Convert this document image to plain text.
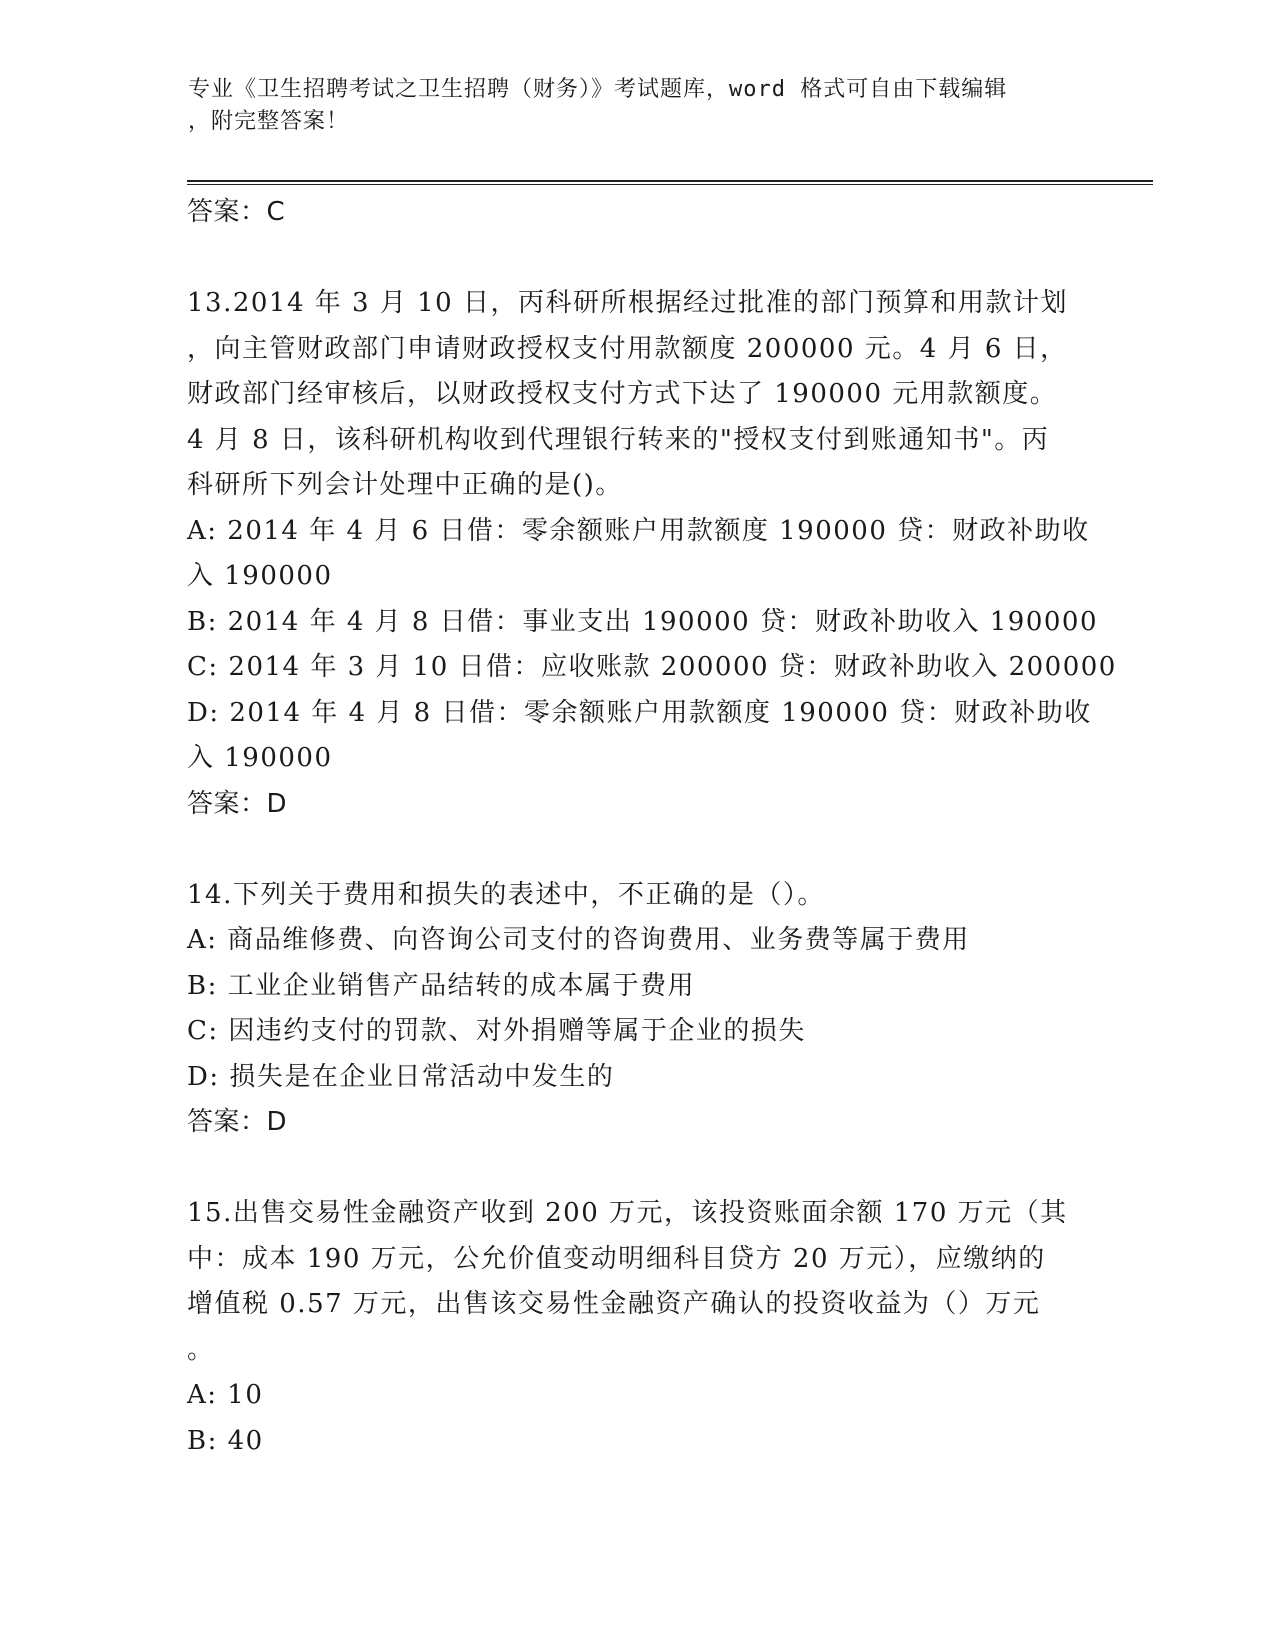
专业《卫生招聘考试之卫生招聘（财务）》考试题库，word 格式可自由下载编辑
，附完整答案！
答案：C
13.2014 年 3 月 10 日，丙科研所根据经过批准的部门预算和用款计划
，向主管财政部门申请财政授权支付用款额度 200000 元。4 月 6 日，
财政部门经审核后，以财政授权支付方式下达了 190000 元用款额度。
4 月 8 日，该科研机构收到代理银行转来的"授权支付到账通知书"。丙
科研所下列会计处理中正确的是()。
A: 2014 年 4 月 6 日借：零余额账户用款额度 190000 贷：财政补助收
入 190000
B: 2014 年 4 月 8 日借：事业支出 190000 贷：财政补助收入 190000
C: 2014 年 3 月 10 日借：应收账款 200000 贷：财政补助收入 200000
D: 2014 年 4 月 8 日借：零余额账户用款额度 190000 贷：财政补助收
入 190000
答案：D
14.下列关于费用和损失的表述中，不正确的是（）。
A: 商品维修费、向咨询公司支付的咨询费用、业务费等属于费用
B: 工业企业销售产品结转的成本属于费用
C: 因违约支付的罚款、对外捐赠等属于企业的损失
D: 损失是在企业日常活动中发生的
答案：D
15.出售交易性金融资产收到 200 万元，该投资账面余额 170 万元（其
中：成本 190 万元，公允价值变动明细科目贷方 20 万元），应缴纳的
增值税 0.57 万元，出售该交易性金融资产确认的投资收益为（）万元
。
A: 10
B: 40
